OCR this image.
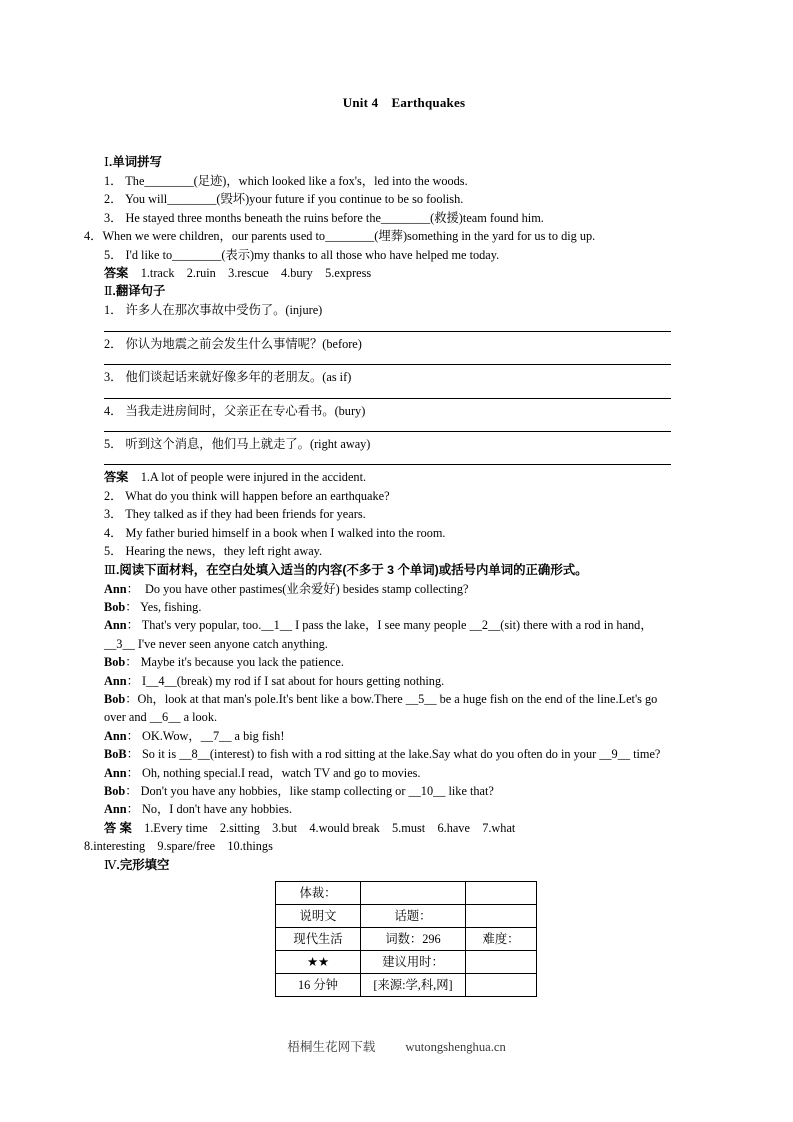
Unit 4　Earthquakes
Ⅰ.单词拼写
1． The________(足迹)，which looked like a fox's，led into the woods.
2． You will________(毁坏)your future if you continue to be so foolish.
3． He stayed three months beneath the ruins before the________(救援)team found him.
4．When we were children，our parents used to________(埋葬)something in the yard for us to dig up.
5． I'd like to________(表示)my thanks to all those who have helped me today.
答案　 1.track　2.ruin　3.rescue　4.bury　5.express
Ⅱ.翻译句子
1． 许多人在那次事故中受伤了。(injure)
2． 你认为地震之前会发生什么事情呢？(before)
3． 他们谈起话来就好像多年的老朋友。(as if)
4． 当我走进房间时，父亲正在专心看书。(bury)
5． 听到这个消息，他们马上就走了。(right away)
答案　 1.A lot of people were injured in the accident.
2． What do you think will happen before an earthquake?
3． They talked as if they had been friends for years.
4． My father buried himself in a book when I walked into the room.
5． Hearing the news，they left right away.
Ⅲ.阅读下面材料，在空白处填入适当的内容(不多于 3 个单词)或括号内单词的正确形式。
Ann：  Do you have other pastimes(业余爱好) besides stamp collecting?
Bob： Yes, fishing.
Ann： That's very popular, too.__1__ I pass the lake，I see many people __2__(sit) there with a rod in hand，__3__ I've never seen anyone catch anything.
Bob： Maybe it's because you lack the patience.
Ann： I__4__(break) my rod if I sat about for hours getting nothing.
Bob：Oh，look at that man's pole.It's bent like a bow.There __5__ be a huge fish on the end of the line.Let's go over and __6__ a look.
Ann： OK.Wow，__7__ a big fish!
BoB： So it is __8__(interest) to fish with a rod sitting at the lake.Say what do you often do in your __9__ time?
Ann： Oh, nothing special.I read，watch TV and go to movies.
Bob： Don't you have any hobbies，like stamp collecting or __10__ like that?
Ann： No，I don't have any hobbies.
答 案　 1.Every time　2.sitting　3.but　4.would break　5.must　6.have　7.what
8.interesting　9.spare/free　10.things
Ⅳ.完形填空
体裁：		
说明文	话题：	
现代生活	词数：296	难度：
★★	建议用时：	
16 分钟	[来源:学,科,网]	
梧桐生花网下载 wutongshenghua.cn
